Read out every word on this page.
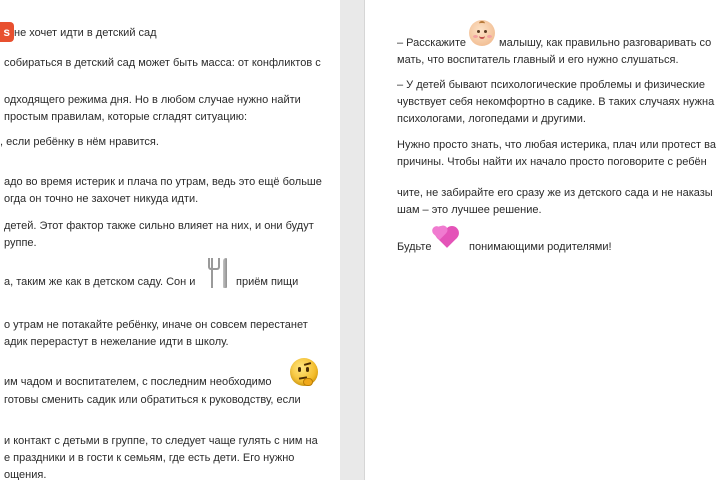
s не хочет идти в детский сад
собираться в детский сад может быть масса: от конфликтов с
одходящего режима дня. Но в любом случае нужно найти
простым правилам, которые сгладят ситуацию:
, если ребёнку в нём нравится.
адо во время истерик и плача по утрам, ведь это ещё больше
огда он точно не захочет никуда идти.
детей. Этот фактор также сильно влияет на них, и они будут
руппе.
а, таким же как в детском саду. Сон и	приём пищи
о утрам не потакайте ребёнку, иначе он совсем перестанет
адик перерастут в нежелание идти в школу.
им чадом и воспитателем, с последним необходимо
готовы сменить садик или обратиться к руководству, если
и контакт с детьми в группе, то следует чаще гулять с ним на
е праздники и в гости к семьям, где есть дети. Его нужно
ощения.
– Расскажите	малышу, как правильно разговаривать со
мать, что воспитатель главный и его нужно слушаться.
– У детей бывают психологические проблемы и физические
чувствует себя некомфортно в садике. В таких случаях нужна
психологами, логопедами и другими.
Нужно просто знать, что любая истерика, плач или протест ва
причины. Чтобы найти их начало просто поговорите с ребён
чите, не забирайте его сразу же из детского сада и не наказы
шам – это лучшее решение.
Будьте	понимающими родителями!
